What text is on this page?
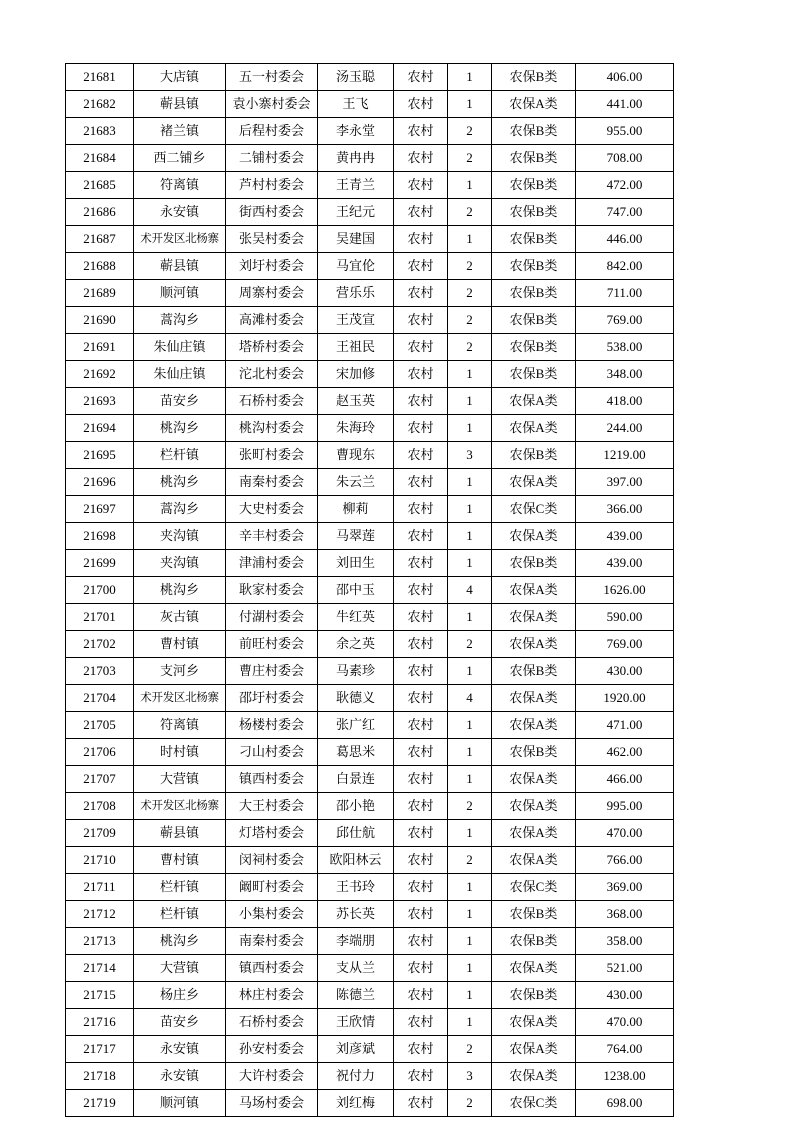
21681	大店镇	五一村委会	汤玉聪	农村	1	农保B类	406.00
21682	蕲县镇	袁小寨村委会	王飞	农村	1	农保A类	441.00
21683	褚兰镇	后程村委会	李永堂	农村	2	农保B类	955.00
21684	西二铺乡	二铺村委会	黄冉冉	农村	2	农保B类	708.00
21685	符离镇	芦村村委会	王青兰	农村	1	农保B类	472.00
21686	永安镇	街西村委会	王纪元	农村	2	农保B类	747.00
21687	术开发区北杨寨	张吴村委会	吴建国	农村	1	农保B类	446.00
21688	蕲县镇	刘圩村委会	马宜伦	农村	2	农保B类	842.00
21689	顺河镇	周寨村委会	营乐乐	农村	2	农保B类	711.00
21690	蒿沟乡	高滩村委会	王茂宣	农村	2	农保B类	769.00
21691	朱仙庄镇	塔桥村委会	王祖民	农村	2	农保B类	538.00
21692	朱仙庄镇	沱北村委会	宋加修	农村	1	农保B类	348.00
21693	苗安乡	石桥村委会	赵玉英	农村	1	农保A类	418.00
21694	桃沟乡	桃沟村委会	朱海玲	农村	1	农保A类	244.00
21695	栏杆镇	张町村委会	曹现东	农村	3	农保B类	1219.00
21696	桃沟乡	南秦村委会	朱云兰	农村	1	农保A类	397.00
21697	蒿沟乡	大史村委会	柳莉	农村	1	农保C类	366.00
21698	夹沟镇	辛丰村委会	马翠莲	农村	1	农保A类	439.00
21699	夹沟镇	津浦村委会	刘田生	农村	1	农保B类	439.00
21700	桃沟乡	耿家村委会	邵中玉	农村	4	农保A类	1626.00
21701	灰古镇	付湖村委会	牛红英	农村	1	农保A类	590.00
21702	曹村镇	前旺村委会	余之英	农村	2	农保A类	769.00
21703	支河乡	曹庄村委会	马素珍	农村	1	农保B类	430.00
21704	术开发区北杨寨	邵圩村委会	耿德义	农村	4	农保A类	1920.00
21705	符离镇	杨楼村委会	张广红	农村	1	农保A类	471.00
21706	时村镇	刁山村委会	葛思米	农村	1	农保B类	462.00
21707	大营镇	镇西村委会	白景连	农村	1	农保A类	466.00
21708	术开发区北杨寨	大王村委会	邵小艳	农村	2	农保A类	995.00
21709	蕲县镇	灯塔村委会	邱仕航	农村	1	农保A类	470.00
21710	曹村镇	闵祠村委会	欧阳林云	农村	2	农保A类	766.00
21711	栏杆镇	阚町村委会	王书玲	农村	1	农保C类	369.00
21712	栏杆镇	小集村委会	苏长英	农村	1	农保B类	368.00
21713	桃沟乡	南秦村委会	李端朋	农村	1	农保B类	358.00
21714	大营镇	镇西村委会	支从兰	农村	1	农保A类	521.00
21715	杨庄乡	林庄村委会	陈德兰	农村	1	农保B类	430.00
21716	苗安乡	石桥村委会	王欣情	农村	1	农保A类	470.00
21717	永安镇	孙安村委会	刘彦斌	农村	2	农保A类	764.00
21718	永安镇	大许村委会	祝付力	农村	3	农保A类	1238.00
21719	顺河镇	马场村委会	刘红梅	农村	2	农保C类	698.00
